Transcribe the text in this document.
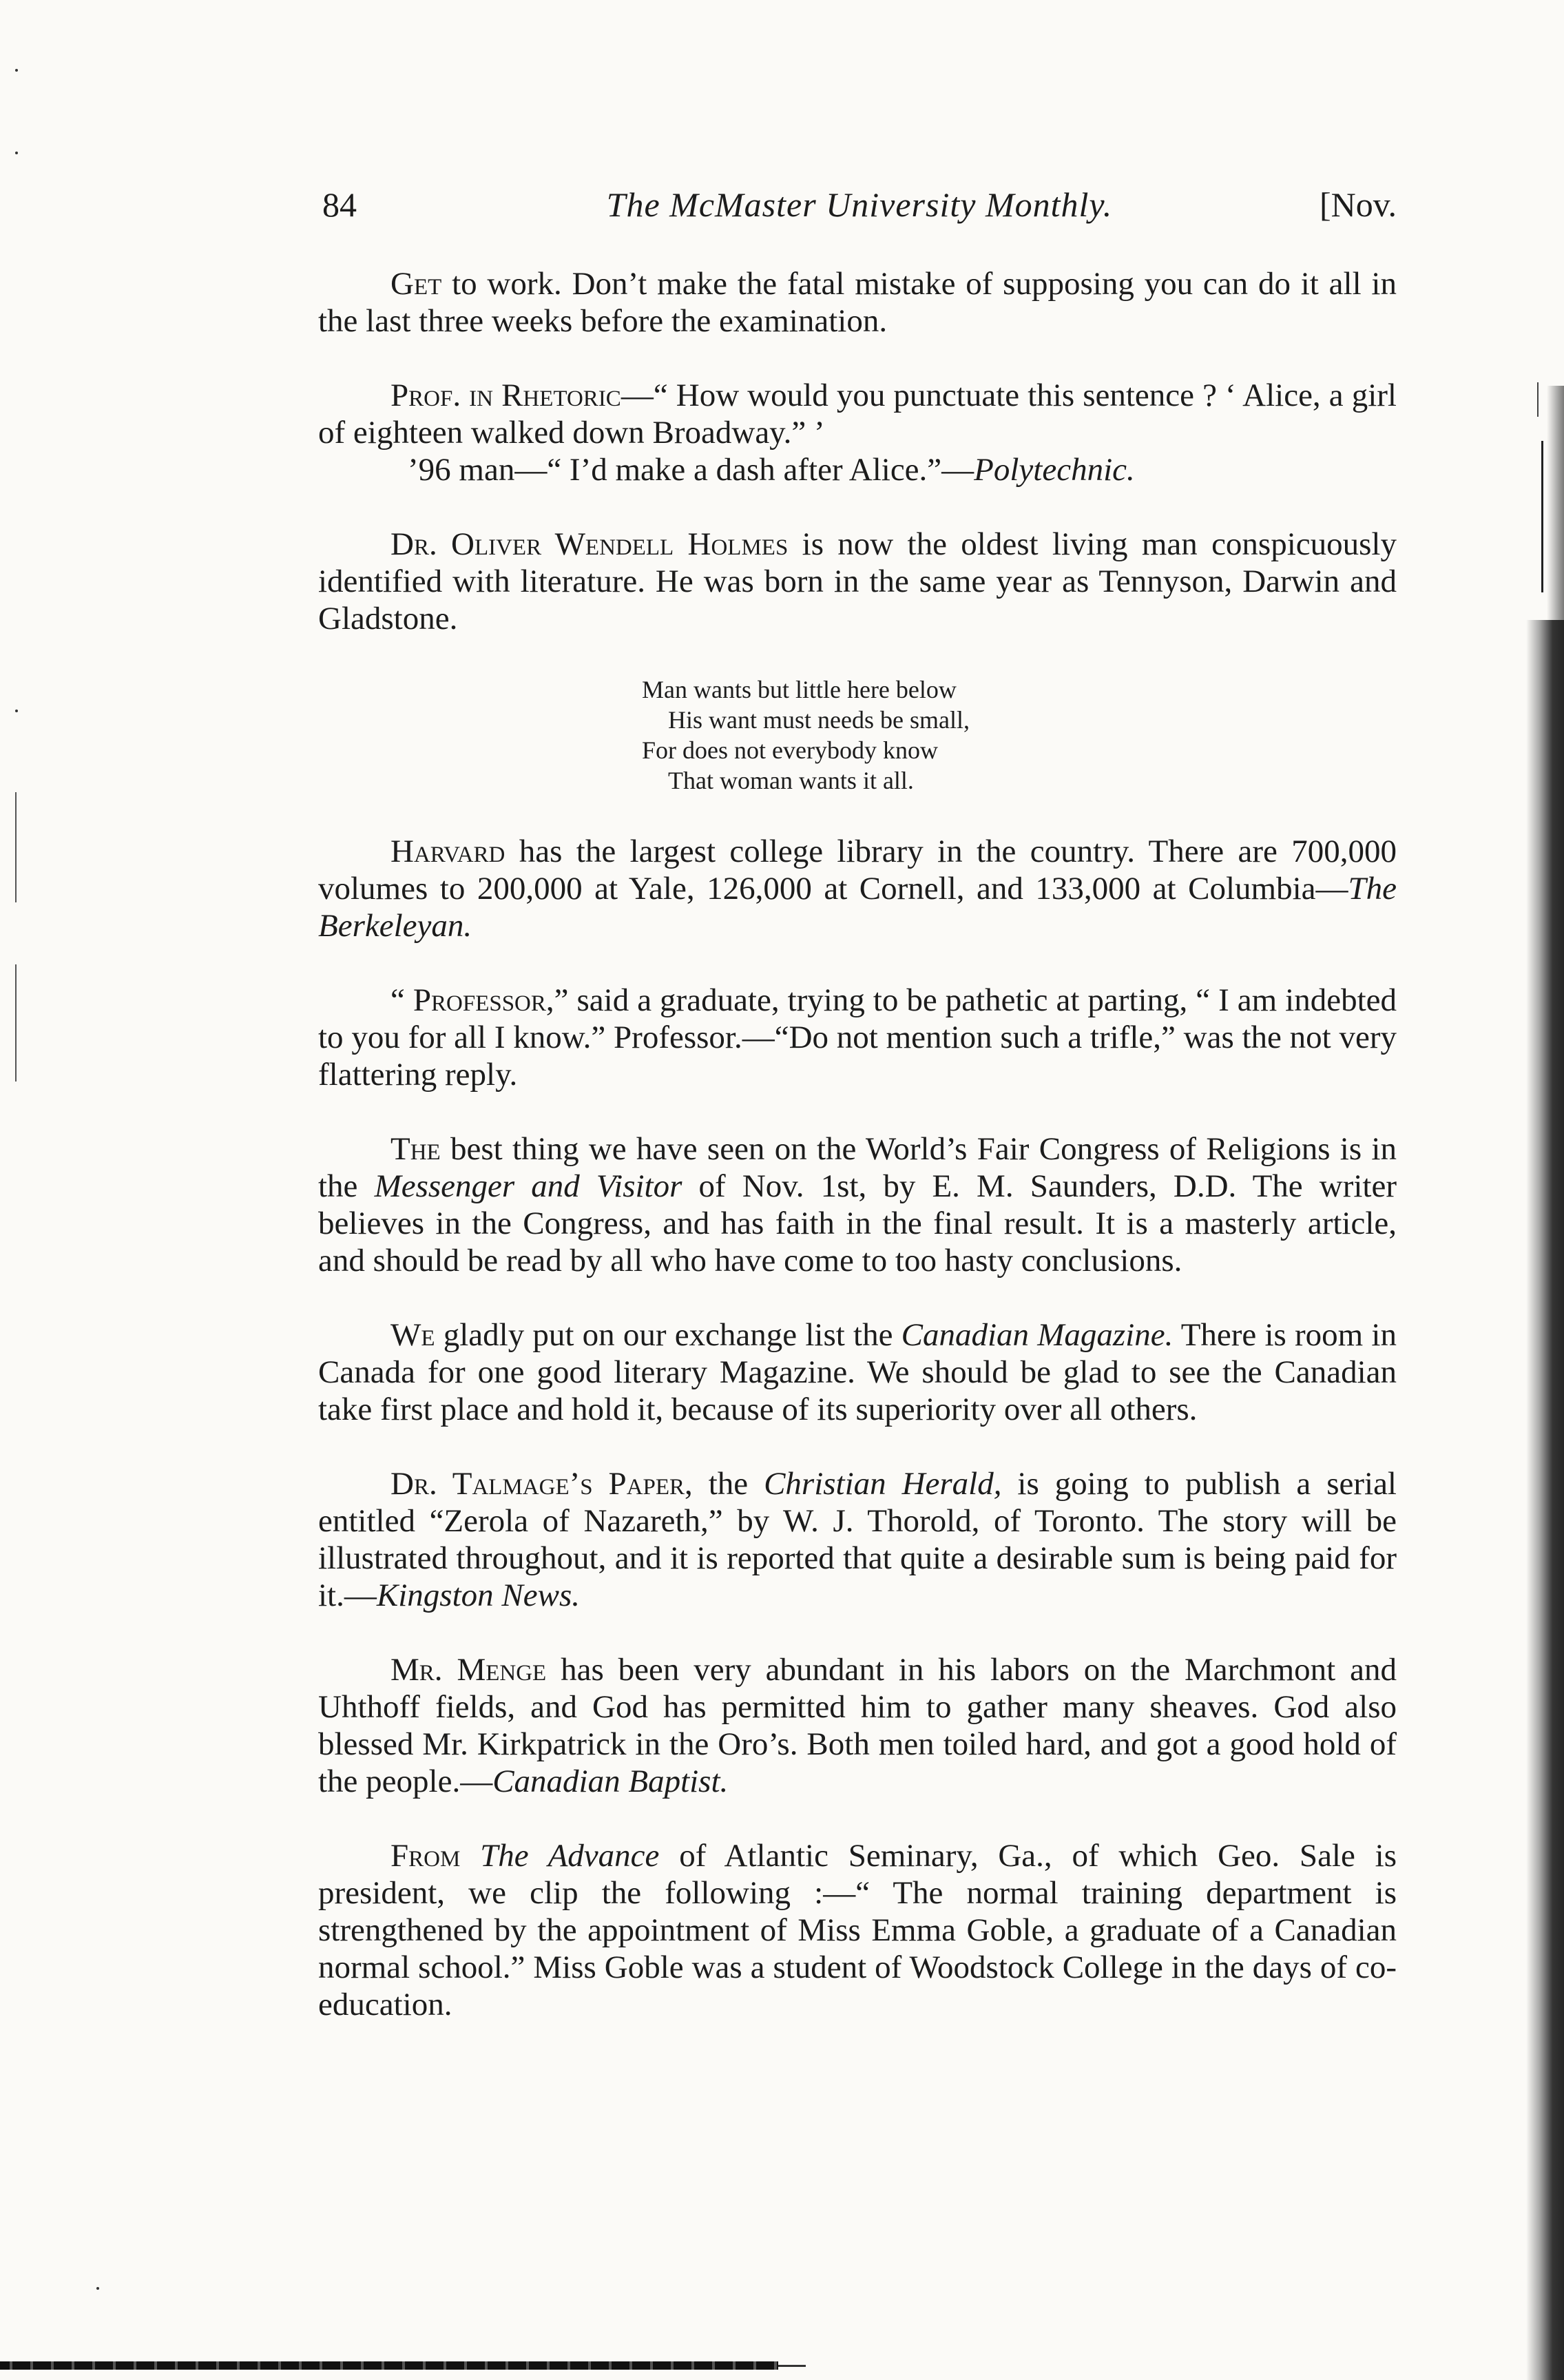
84	The McMaster University Monthly.	[Nov.

Get to work. Don’t make the fatal mistake of supposing you can do it all in the last three weeks before the examination.

Prof. in Rhetoric—“ How would you punctuate this sentence ? ‘ Alice, a girl of eighteen walked down Broadway.” ’
’96 man—“ I’d make a dash after Alice.”—Polytechnic.

Dr. Oliver Wendell Holmes is now the oldest living man conspicuously identified with literature. He was born in the same year as Tennyson, Darwin and Gladstone.

Man wants but little here below
His want must needs be small,
For does not everybody know
That woman wants it all.

Harvard has the largest college library in the country. There are 700,000 volumes to 200,000 at Yale, 126,000 at Cornell, and 133,000 at Columbia—The Berkeleyan.

“ Professor,” said a graduate, trying to be pathetic at parting, “ I am indebted to you for all I know.” Professor.—“Do not mention such a trifle,” was the not very flattering reply.

The best thing we have seen on the World’s Fair Congress of Religions is in the Messenger and Visitor of Nov. 1st, by E. M. Saunders, D.D. The writer believes in the Congress, and has faith in the final result. It is a masterly article, and should be read by all who have come to too hasty conclusions.

We gladly put on our exchange list the Canadian Magazine. There is room in Canada for one good literary Magazine. We should be glad to see the Canadian take first place and hold it, because of its superiority over all others.

Dr. Talmage’s Paper, the Christian Herald, is going to publish a serial entitled “Zerola of Nazareth,” by W. J. Thorold, of Toronto. The story will be illustrated throughout, and it is reported that quite a desirable sum is being paid for it.—Kingston News.

Mr. Menge has been very abundant in his labors on the Marchmont and Uhthoff fields, and God has permitted him to gather many sheaves. God also blessed Mr. Kirkpatrick in the Oro’s. Both men toiled hard, and got a good hold of the people.—Canadian Baptist.

From The Advance of Atlantic Seminary, Ga., of which Geo. Sale is president, we clip the following :—“ The normal training department is strengthened by the appointment of Miss Emma Goble, a graduate of a Canadian normal school.” Miss Goble was a student of Woodstock College in the days of co-education.
